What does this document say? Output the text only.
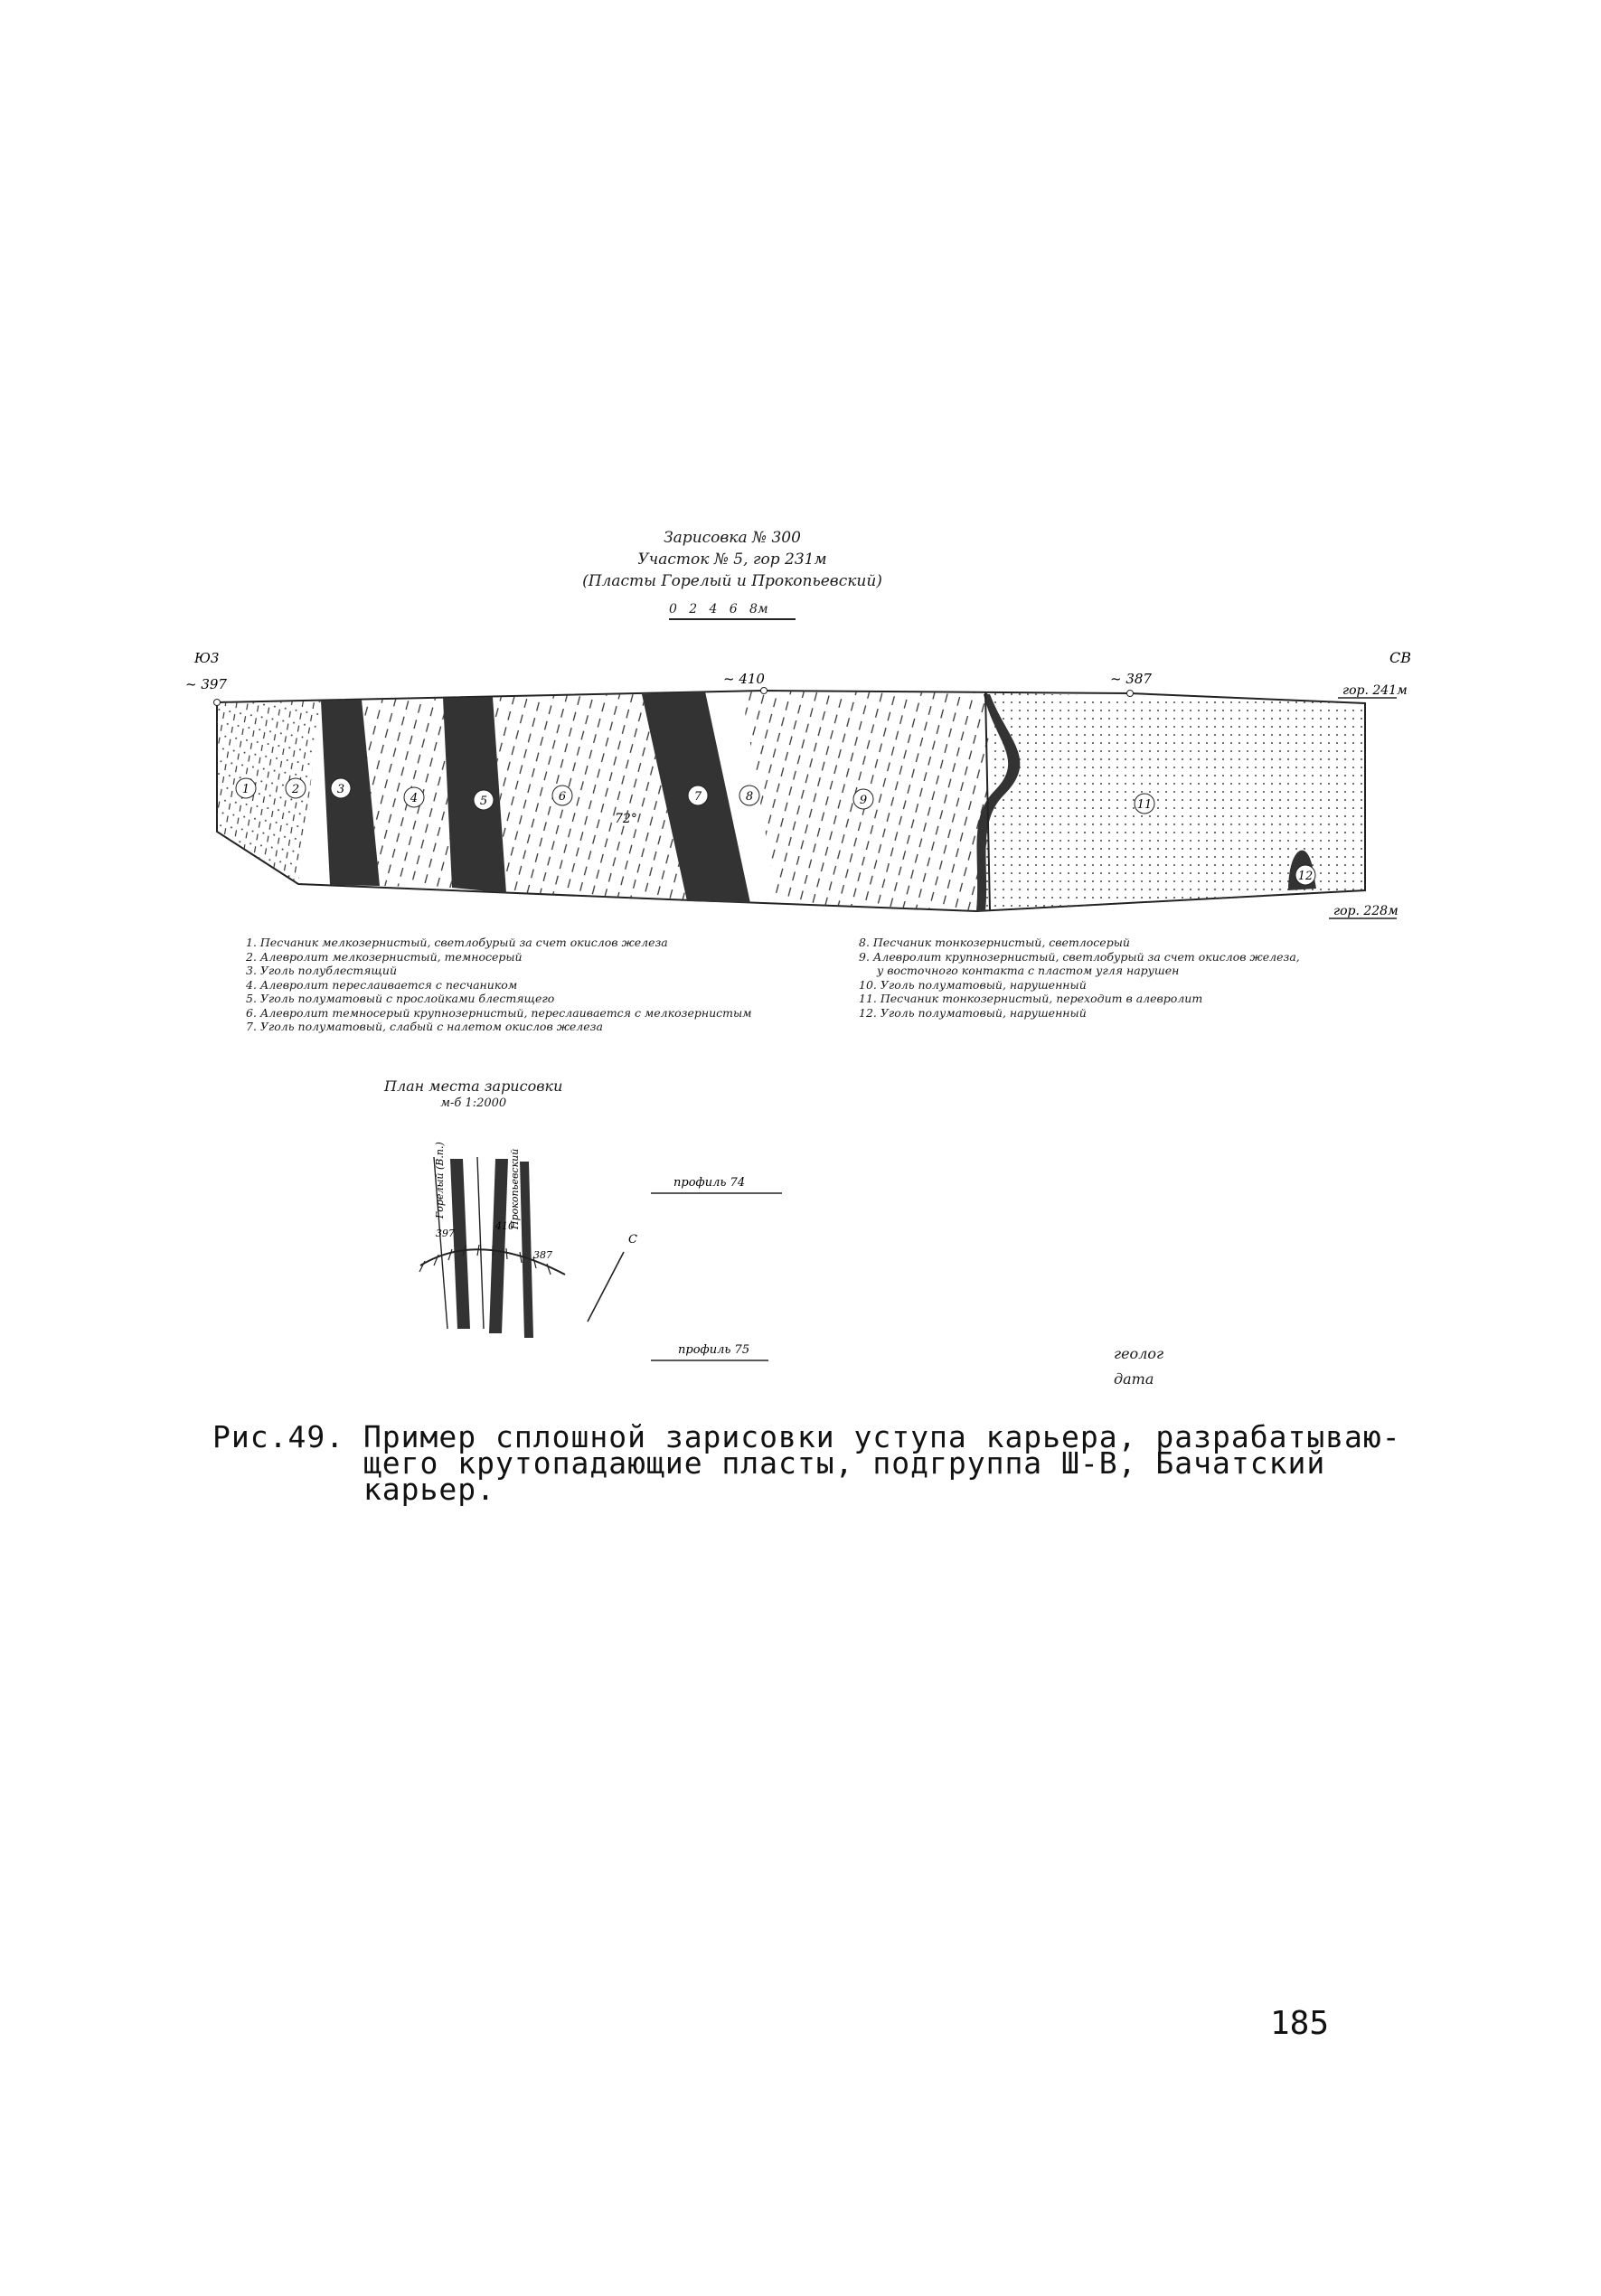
Зарисовка № 300
Участок № 5, гор 231м
(Пласты Горелый и Прокопьевский)
0   2   4   6   8м
Ю3	СВ
~ 397	~ 410	~ 387
гор. 241м
гор. 228м
72°
1	2	3
4	5	6	7	8	9	11
12
1. Песчаник мелкозернистый, светлобурый за счет окислов железа
2. Алевролит мелкозернистый, темносерый
3. Уголь полублестящий
4. Алевролит переслаивается с песчаником
5. Уголь полуматовый с прослойками блестящего
6. Алевролит темносерый крупнозернистый, переслаивается с мелкозернистым
7. Уголь полуматовый, слабый с налетом окислов железа
8. Песчаник тонкозернистый, светлосерый
9. Алевролит крупнозернистый, светлобурый за счет окислов железа,
у восточного контакта с пластом угля нарушен
10. Уголь полуматовый, нарушенный
11. Песчаник тонкозернистый, переходит в алевролит
12. Уголь полуматовый, нарушенный
План места зарисовки
м-б 1:2000
Горелый (В.п.)	Прокопьевский
397
410
387
профиль 74
профиль 75
С
геолог
дата
Рис.49. Пример сплошной зарисовки уступа карьера, разрабатываю-
щего крутопадающие пласты, подгруппа Ш-В, Бачатский
карьер.
185
